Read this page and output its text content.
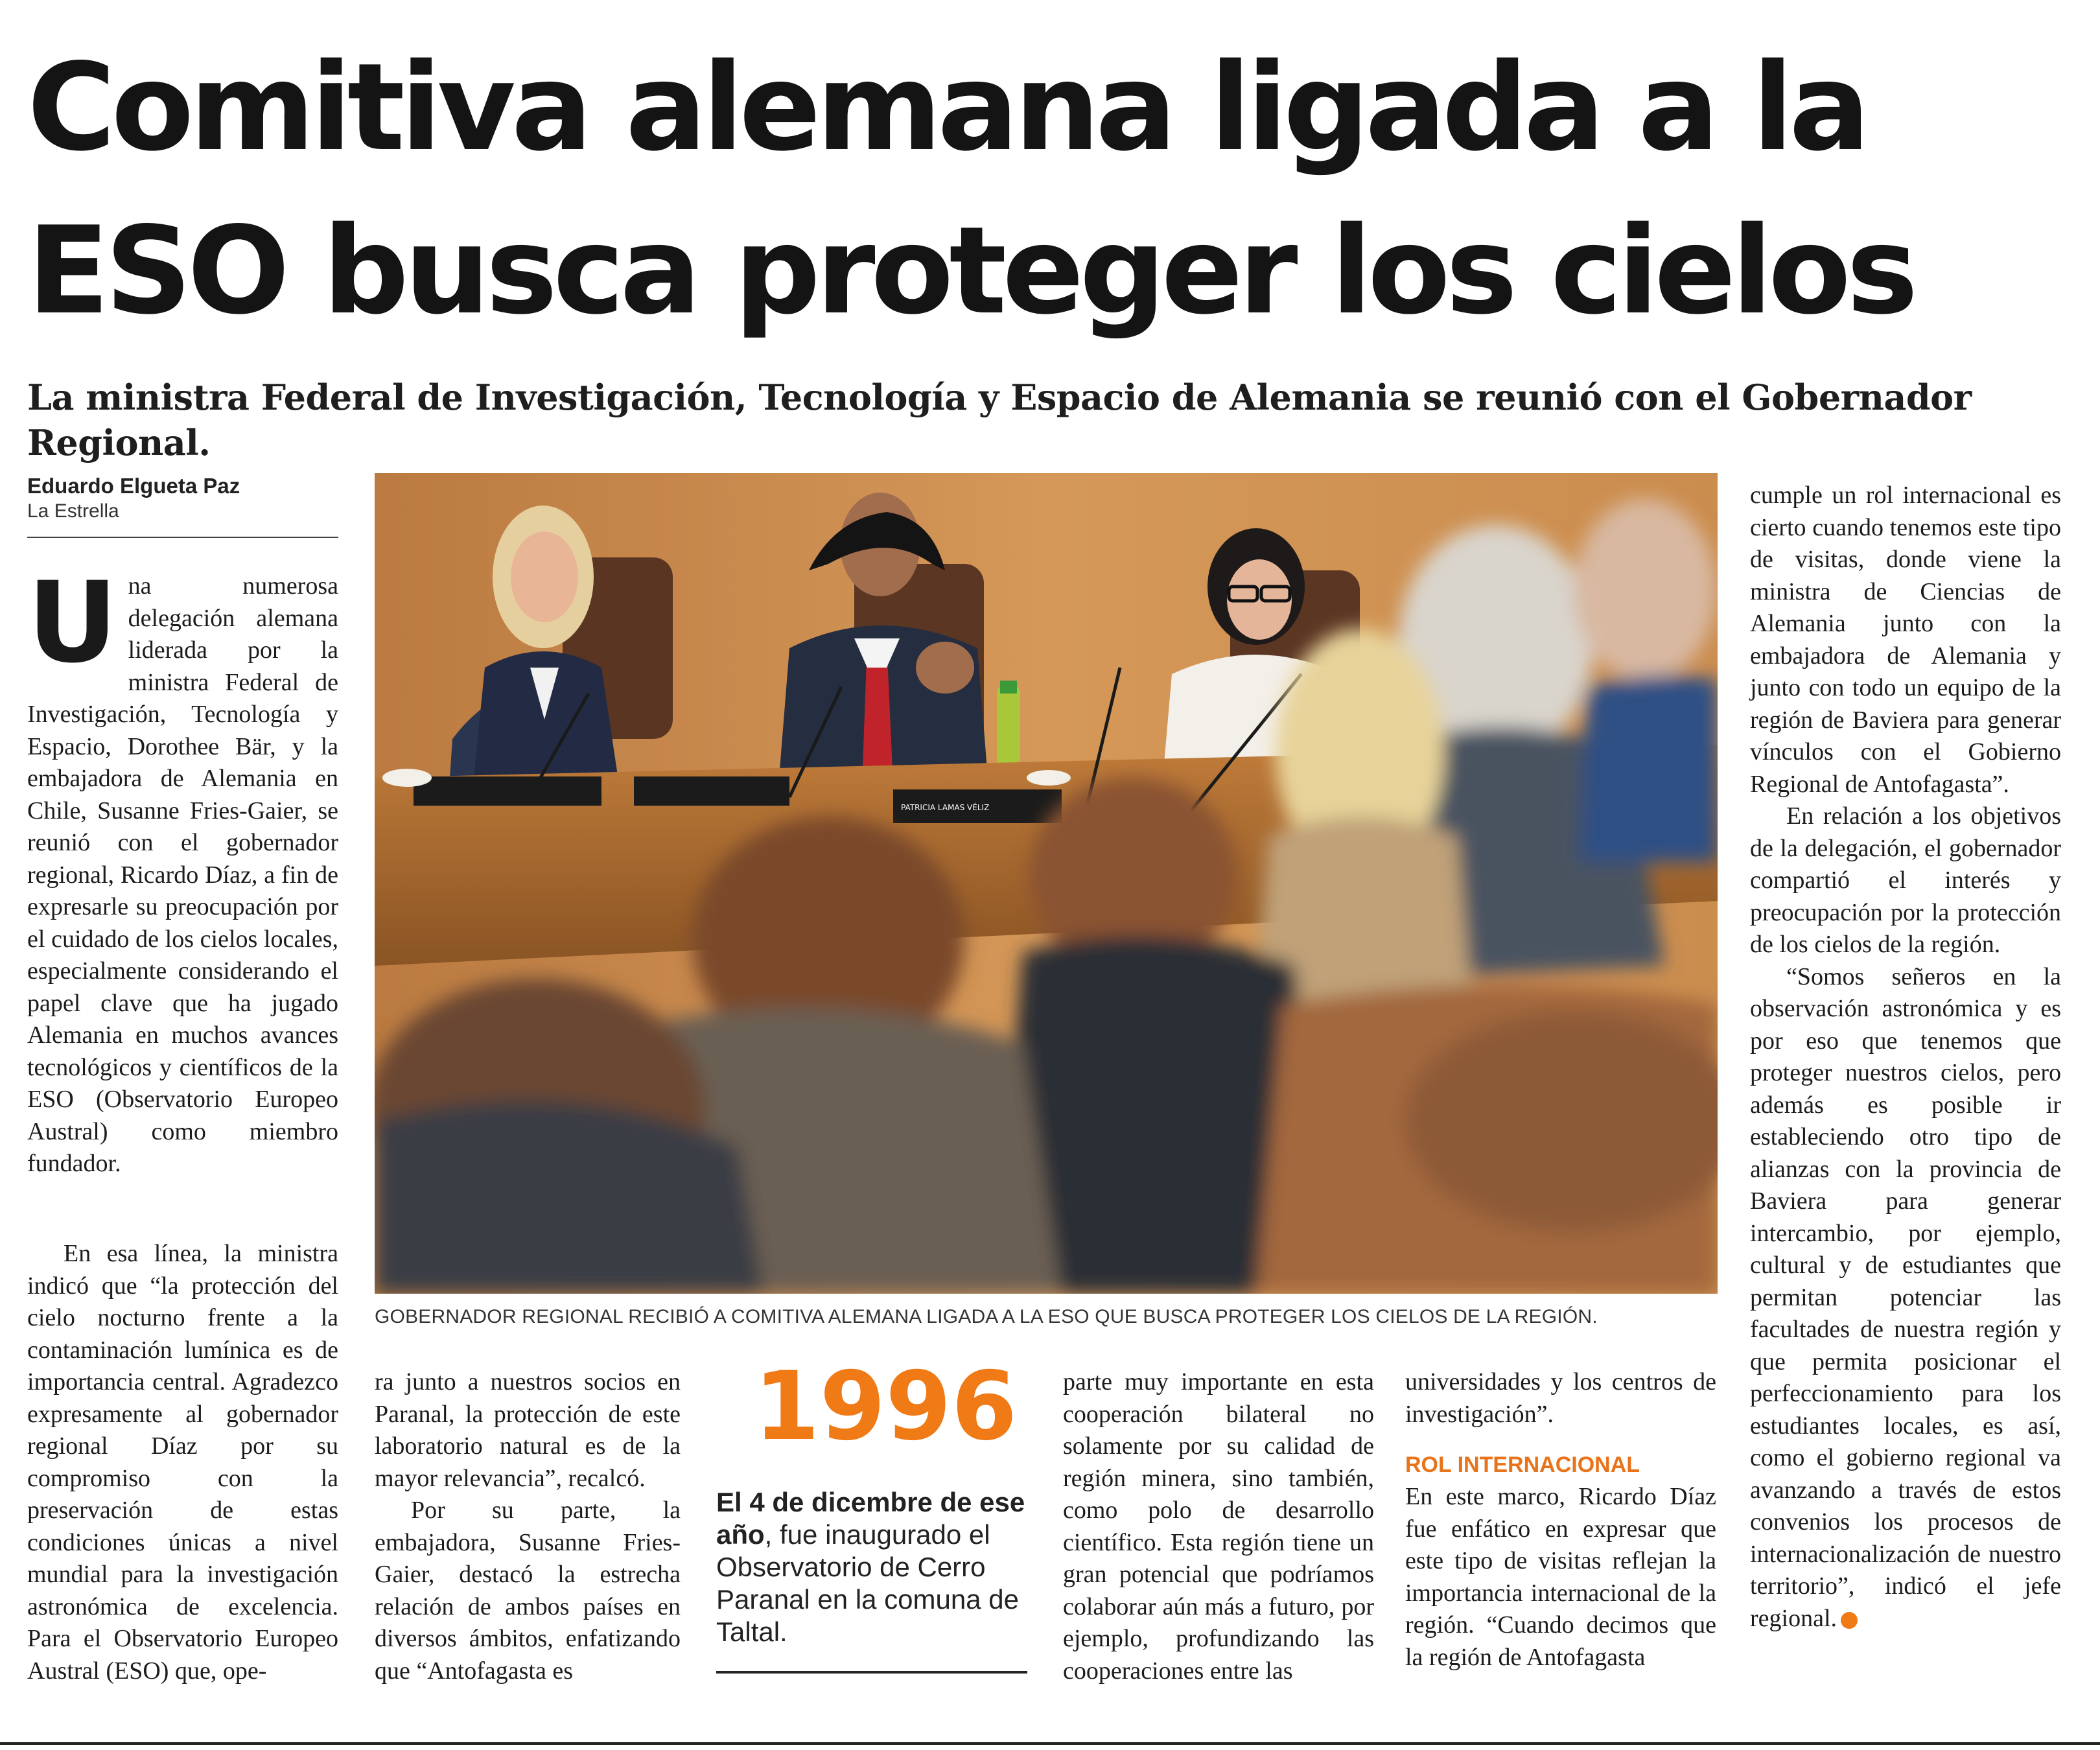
Comitiva alemana ligada a la ESO busca proteger los cielos
La ministra Federal de Investigación, Tecnología y Espacio de Alemania se reunió con el Gobernador Regional.
Eduardo Elgueta Paz
La Estrella
U na numerosa delegación alemana liderada por la ministra Federal de Investigación, Tecnología y Espacio, Dorothee Bär, y la embajadora de Alemania en Chile, Susanne Fries-Gaier, se reunió con el gobernador regional, Ricardo Díaz, a fin de expresarle su preocupación por el cuidado de los cielos locales, especialmente considerando el papel clave que ha jugado Alemania en muchos avances tecnológicos y científicos de la ESO (Observatorio Europeo Austral) como miembro fundador.

En esa línea, la ministra indicó que “la protección del cielo nocturno frente a la contaminación lumínica es de importancia central. Agradezco expresamente al gobernador regional Díaz por su compromiso con la preservación de estas condiciones únicas a nivel mundial para la investigación astronómica de excelencia. Para el Observatorio Europeo Austral (ESO) que, ope-

PATRICIA LAMAS VÉLIZ
GOBERNADOR REGIONAL RECIBIÓ A COMITIVA ALEMANA LIGADA A LA ESO QUE BUSCA PROTEGER LOS CIELOS DE LA REGIÓN.

ra junto a nuestros socios en Paranal, la protección de este laboratorio natural es de la mayor relevancia”, recalcó.

Por su parte, la embajadora, Susanne Fries-Gaier, destacó la estrecha relación de ambos países en diversos ámbitos, enfatizando que “Antofagasta es

1996
El 4 de dicembre de ese año, fue inaugurado el Observatorio de Cerro Paranal en la comuna de Taltal.

parte muy importante en esta cooperación bilateral no solamente por su calidad de región minera, sino también, como polo de desarrollo científico. Esta región tiene un gran potencial que podríamos colaborar aún más a futuro, por ejemplo, profundizando las cooperaciones entre las

universidades y los centros de investigación”.

ROL INTERNACIONAL

En este marco, Ricardo Díaz fue enfático en expresar que este tipo de visitas reflejan la importancia internacional de la región. “Cuando decimos que la región de Antofagasta

cumple un rol internacional es cierto cuando tenemos este tipo de visitas, donde viene la ministra de Ciencias de Alemania junto con la embajadora de Alemania y junto con todo un equipo de la región de Baviera para generar vínculos con el Gobierno Regional de Antofagasta”.

En relación a los objetivos de la delegación, el gobernador compartió el interés y preocupación por la protección de los cielos de la región.

“Somos señeros en la observación astronómica y es por eso que tenemos que proteger nuestros cielos, pero además es posible ir estableciendo otro tipo de alianzas con la provincia de Baviera para generar intercambio, por ejemplo, cultural y de estudiantes que permitan potenciar las facultades de nuestra región y que permita posicionar el perfeccionamiento para los estudiantes locales, es así, como el gobierno regional va avanzando a través de estos convenios los procesos de internacionalización de nuestro territorio”, indicó el jefe regional.	✪
